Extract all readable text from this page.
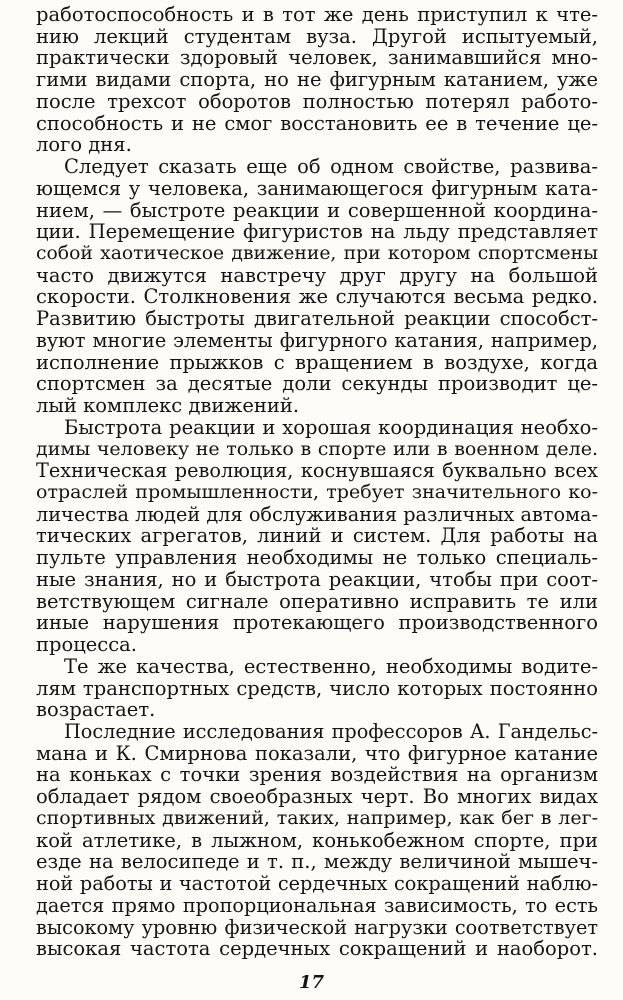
работоспособность и в тот же день приступил к чте-
нию лекций студентам вуза. Другой испытуемый,
практически здоровый человек, занимавшийся мно-
гими видами спорта, но не фигурным катанием, уже
после трехсот оборотов полностью потерял работо-
способность и не смог восстановить ее в течение це-
лого дня.
Следует сказать еще об одном свойстве, развива-
ющемся у человека, занимающегося фигурным ката-
нием, — быстроте реакции и совершенной координа-
ции. Перемещение фигуристов на льду представляет
собой хаотическое движение, при котором спортсмены
часто движутся навстречу друг другу на большой
скорости. Столкновения же случаются весьма редко.
Развитию быстроты двигательной реакции способст-
вуют многие элементы фигурного катания, например,
исполнение прыжков с вращением в воздухе, когда
спортсмен за десятые доли секунды производит це-
лый комплекс движений.
Быстрота реакции и хорошая координация необхо-
димы человеку не только в спорте или в военном деле.
Техническая революция, коснувшаяся буквально всех
отраслей промышленности, требует значительного ко-
личества людей для обслуживания различных автома-
тических агрегатов, линий и систем. Для работы на
пульте управления необходимы не только специаль-
ные знания, но и быстрота реакции, чтобы при соот-
ветствующем сигнале оперативно исправить те или
иные нарушения протекающего производственного
процесса.
Те же качества, естественно, необходимы водите-
лям транспортных средств, число которых постоянно
возрастает.
Последние исследования профессоров А. Гандельс-
мана и К. Смирнова показали, что фигурное катание
на коньках с точки зрения воздействия на организм
обладает рядом своеобразных черт. Во многих видах
спортивных движений, таких, например, как бег в лег-
кой атлетике, в лыжном, конькобежном спорте, при
езде на велосипеде и т. п., между величиной мышеч-
ной работы и частотой сердечных сокращений наблю-
дается прямо пропорциональная зависимость, то есть
высокому уровню физической нагрузки соответствует
высокая частота сердечных сокращений и наоборот.
17
